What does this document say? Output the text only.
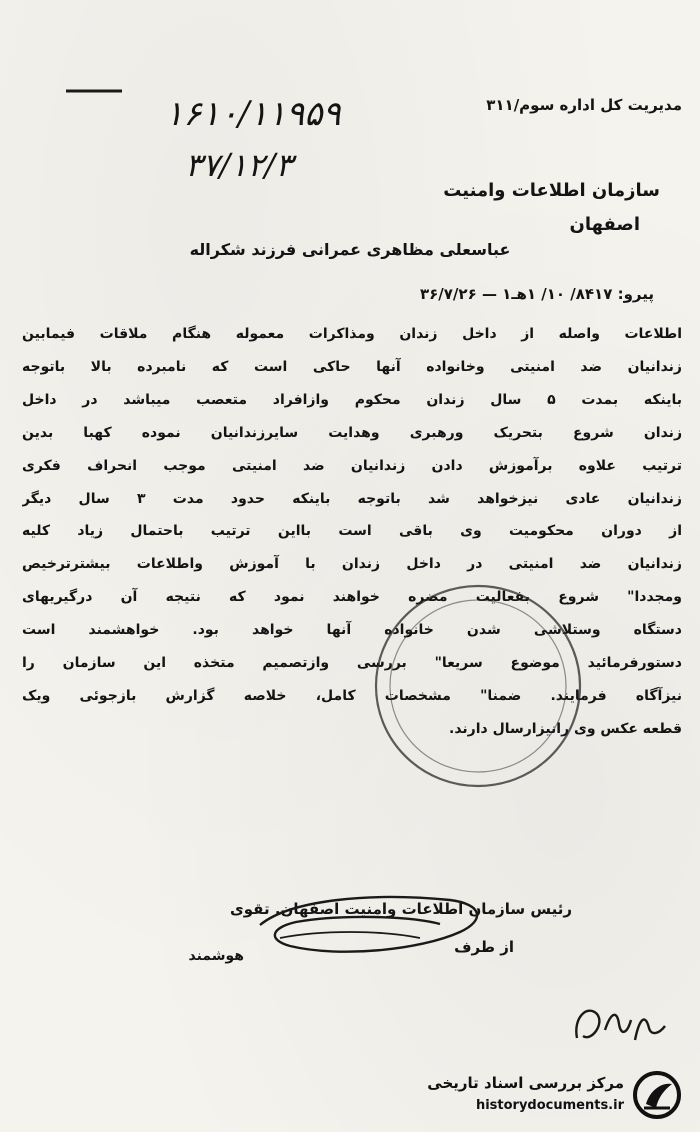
مدیریت کل اداره سوم/۳۱۱
۱۶۱۰/۱۱۹۵۹
۳۷/۱۲/۳
سازمان اطلاعات وامنیت
اصفهان
عباسعلی مظاهری عمرانی فرزند شکراله
پیرو: ۸۴۱۷/ ۱۰/ ۱هـ۱ — ۳۶/۷/۲۶
اطلاعات واصله از داخل زندان ومذاکرات معموله هنگام ملاقات فیمابین
زندانیان ضد امنیتی وخانواده آنها حاکی است که نامبرده بالا باتوجه
باینکه بمدت ۵ سال زندان محکوم وازافراد متعصب میباشد در داخل
زندان شروع بتحریک ورهبری وهدایت سایرزندانیان نموده کهبا بدین
ترتیب علاوه برآموزش دادن زندانیان ضد امنیتی موجب انحراف فکری
زندانیان عادی نیزخواهد شد باتوجه باینکه حدود مدت ۳ سال دیگر
از دوران محکومیت وی باقی است بااین ترتیب باحتمال زیاد کلیه
زندانیان ضد امنیتی در داخل زندان با آموزش واطلاعات بیشترترخیص
ومجددا" شروع بفعالیت مضره خواهند نمود که نتیجه آن درگیریهای
دستگاه وستلاشی شدن خانواده آنها خواهد بود. خواهشمند است
دستورفرمائید موضوع سریعا" بررسی وازتصمیم متخذه این سازمان را
نیزآگاه فرمایند. ضمنا" مشخصات کامل، خلاصه گزارش بازجوئی ویک
قطعه عکس وی رانیزارسال دارند.
رئیس سازمان اطلاعات وامنیت اصفهان. تقوی
از طرف
هوشمند
مرکز بررسی اسناد تاریخی
historydocuments.ir
